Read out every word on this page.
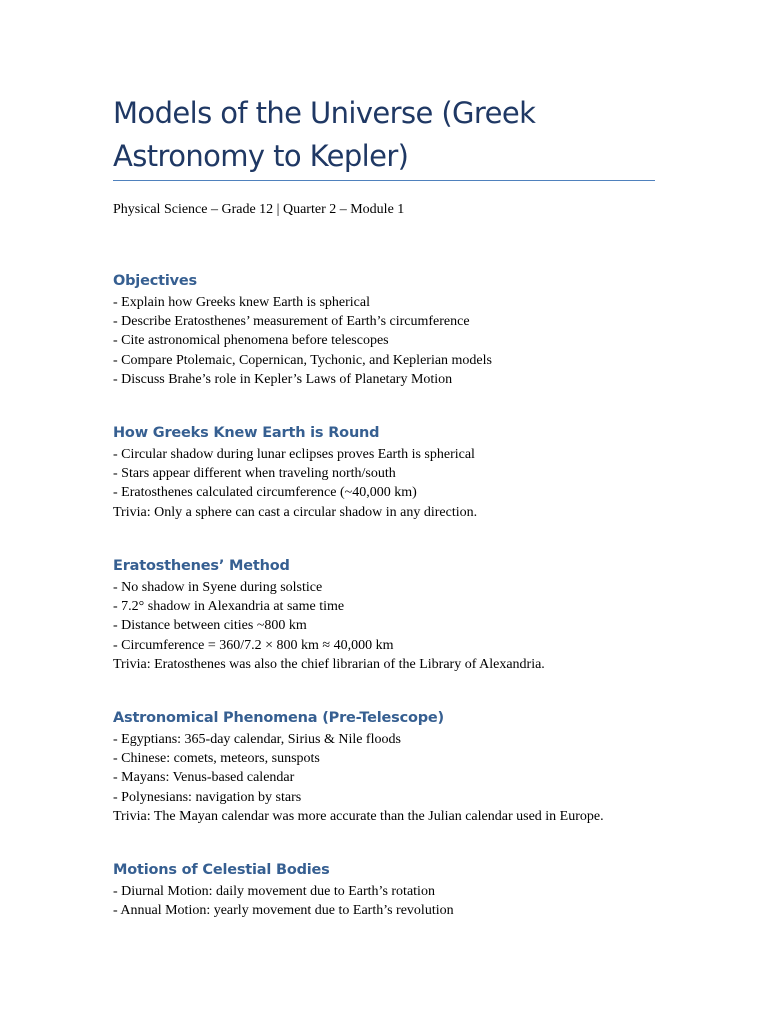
Models of the Universe (Greek Astronomy to Kepler)

Physical Science – Grade 12 | Quarter 2 – Module 1

Objectives
- Explain how Greeks knew Earth is spherical
- Describe Eratosthenes’ measurement of Earth’s circumference
- Cite astronomical phenomena before telescopes
- Compare Ptolemaic, Copernican, Tychonic, and Keplerian models
- Discuss Brahe’s role in Kepler’s Laws of Planetary Motion
How Greeks Knew Earth is Round
- Circular shadow during lunar eclipses proves Earth is spherical
- Stars appear different when traveling north/south
- Eratosthenes calculated circumference (~40,000 km)

Trivia: Only a sphere can cast a circular shadow in any direction.

Eratosthenes’ Method
- No shadow in Syene during solstice
- 7.2° shadow in Alexandria at same time
- Distance between cities ~800 km
- Circumference = 360/7.2 × 800 km ≈ 40,000 km

Trivia: Eratosthenes was also the chief librarian of the Library of Alexandria.

Astronomical Phenomena (Pre-Telescope)
- Egyptians: 365-day calendar, Sirius & Nile floods
- Chinese: comets, meteors, sunspots
- Mayans: Venus-based calendar
- Polynesians: navigation by stars

Trivia: The Mayan calendar was more accurate than the Julian calendar used in Europe.

Motions of Celestial Bodies
- Diurnal Motion: daily movement due to Earth’s rotation
- Annual Motion: yearly movement due to Earth’s revolution
